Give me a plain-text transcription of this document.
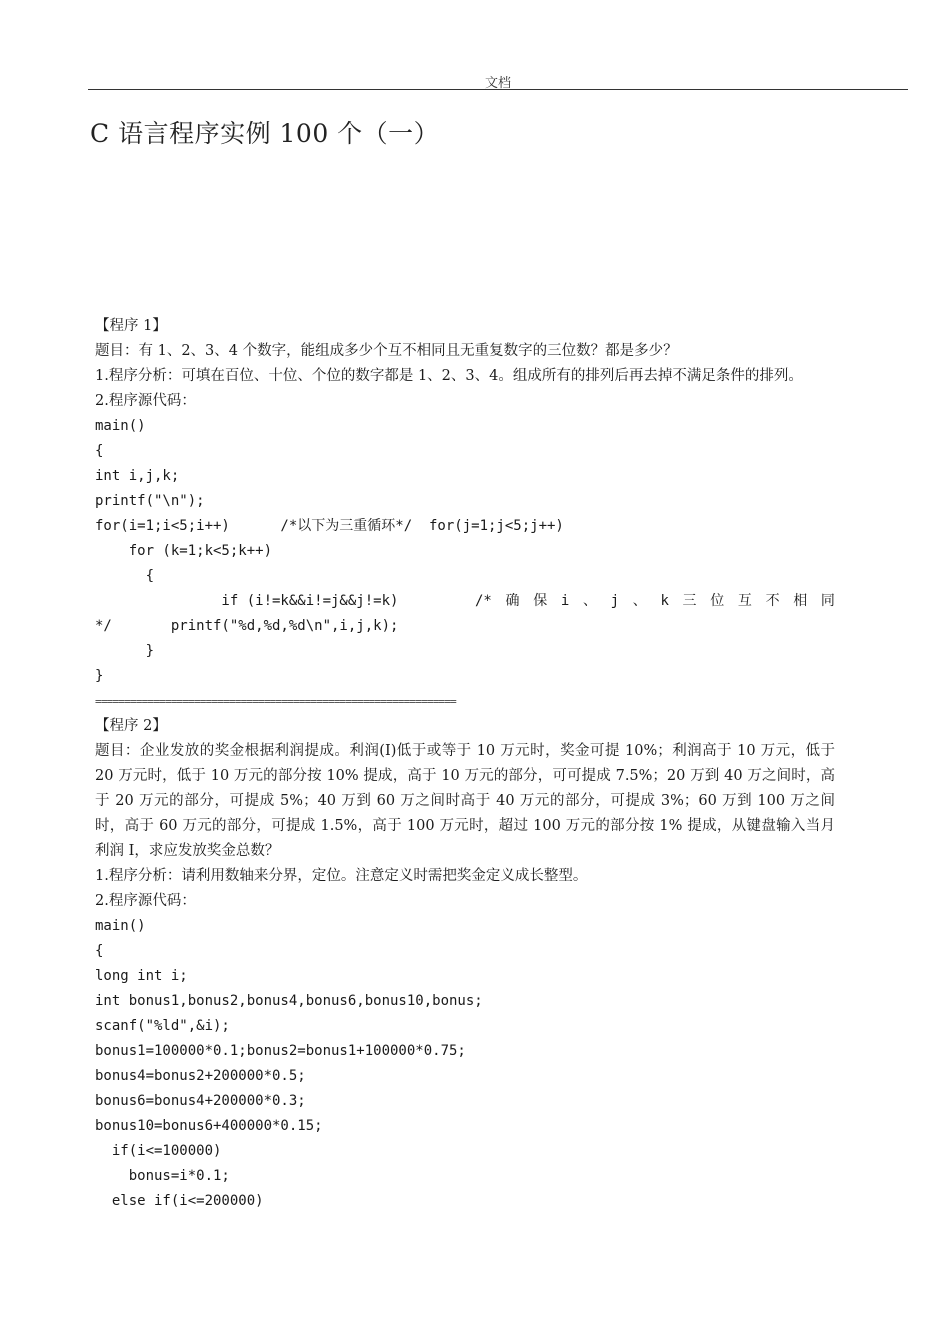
文档
C 语言程序实例 100 个（一）
【程序 1】
题目：有 1、2、3、4 个数字，能组成多少个互不相同且无重复数字的三位数？都是多少？
1.程序分析：可填在百位、十位、个位的数字都是 1、2、3、4。组成所有的排列后再去掉不满足条件的排列。
2.程序源代码：
main()
{
int i,j,k;
printf("\n");
for(i=1;i<5;i++)      /*以下为三重循环*/  for(j=1;j<5;j++)
for (k=1;k<5;k++)
{
if (i!=k&&i!=j&&j!=k)	/* 确 保 i 、 j 、 k 三 位 互 不 相 同
*/       printf("%d,%d,%d\n",i,j,k);
}
}
==============================================================
【程序 2】
题目：企业发放的奖金根据利润提成。利润(I)低于或等于 10 万元时，奖金可提 10%；利润高于 10 万元，低于 20 万元时，低于 10 万元的部分按 10% 提成，高于 10 万元的部分，可可提成 7.5%；20 万到 40 万之间时，高于 20 万元的部分，可提成 5%；40 万到 60 万之间时高于 40 万元的部分，可提成 3%；60 万到 100 万之间时，高于 60 万元的部分，可提成 1.5%，高于 100 万元时，超过 100 万元的部分按 1% 提成，从键盘输入当月利润 I，求应发放奖金总数？
1.程序分析：请利用数轴来分界，定位。注意定义时需把奖金定义成长整型。
2.程序源代码：
main()
{
long int i;
int bonus1,bonus2,bonus4,bonus6,bonus10,bonus;
scanf("%ld",&i);
bonus1=100000*0.1;bonus2=bonus1+100000*0.75;
bonus4=bonus2+200000*0.5;
bonus6=bonus4+200000*0.3;
bonus10=bonus6+400000*0.15;
if(i<=100000)
bonus=i*0.1;
else if(i<=200000)
